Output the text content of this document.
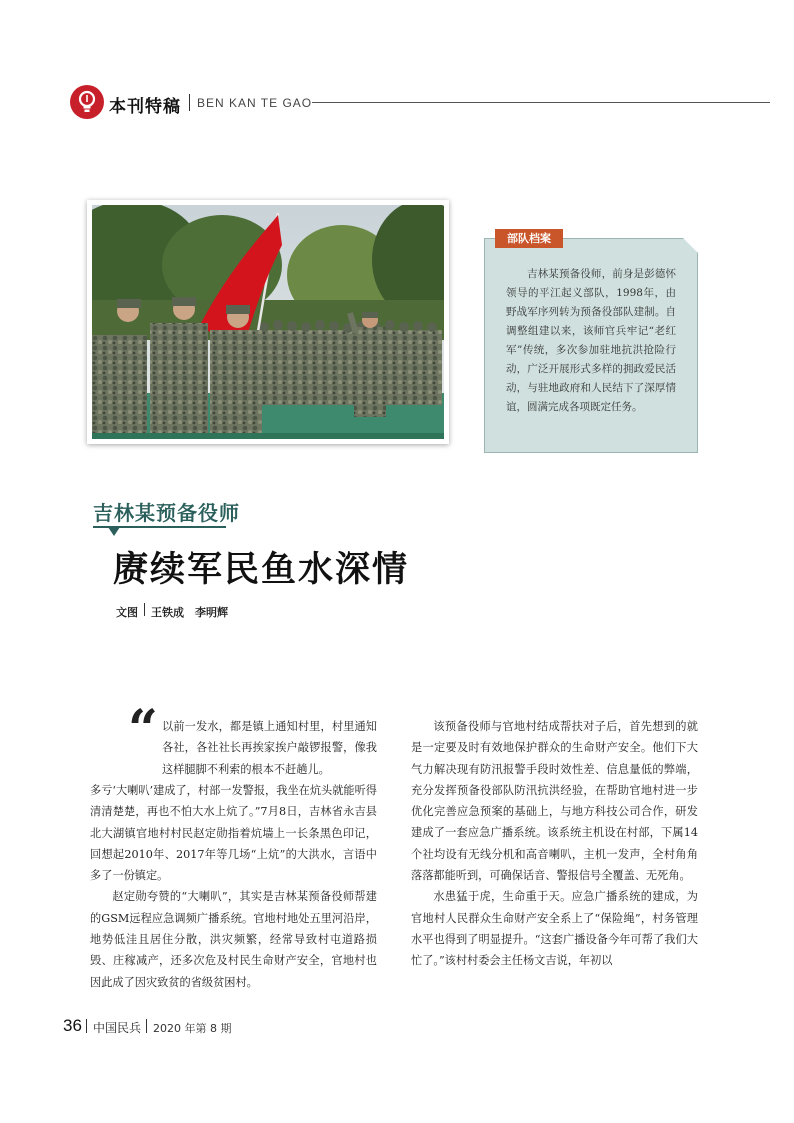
本刊特稿 BEN KAN TE GAO
部队档案
吉林某预备役师，前身是彭德怀领导的平江起义部队，1998年，由野战军序列转为预备役部队建制。自调整组建以来，该师官兵牢记“老红军”传统，多次参加驻地抗洪抢险行动，广泛开展形式多样的拥政爱民活动，与驻地政府和人民结下了深厚情谊，圆满完成各项既定任务。
吉林某预备役师
赓续军民鱼水深情
文图 王铁成　李明辉
“ 以前一发水，都是镇上通知村里，村里通知各社，各社社长再挨家挨户敲锣报警，像我这样腿脚不利索的根本不赶趟儿。

多亏‘大喇叭’建成了，村部一发警报，我坐在炕头就能听得清清楚楚，再也不怕大水上炕了。”7月8日，吉林省永吉县北大湖镇官地村村民赵定勋指着炕墙上一长条黑色印记，回想起2010年、2017年等几场“上炕”的大洪水，言语中多了一份镇定。

赵定勋夸赞的“大喇叭”，其实是吉林某预备役师帮建的GSM远程应急调频广播系统。官地村地处五里河沿岸，地势低洼且居住分散，洪灾频繁，经常导致村屯道路损毁、庄稼减产，还多次危及村民生命财产安全，官地村也因此成了因灾致贫的省级贫困村。

该预备役师与官地村结成帮扶对子后，首先想到的就是一定要及时有效地保护群众的生命财产安全。他们下大气力解决现有防汛报警手段时效性差、信息量低的弊端，充分发挥预备役部队防汛抗洪经验，在帮助官地村进一步优化完善应急预案的基础上，与地方科技公司合作，研发建成了一套应急广播系统。该系统主机设在村部，下属14个社均设有无线分机和高音喇叭，主机一发声，全村角角落落都能听到，可确保话音、警报信号全覆盖、无死角。

水患猛于虎，生命重于天。应急广播系统的建成，为官地村人民群众生命财产安全系上了“保险绳”，村务管理水平也得到了明显提升。“这套广播设备今年可帮了我们大忙了。”该村村委会主任杨文吉说，年初以

36 中国民兵 2020 年第 8 期
